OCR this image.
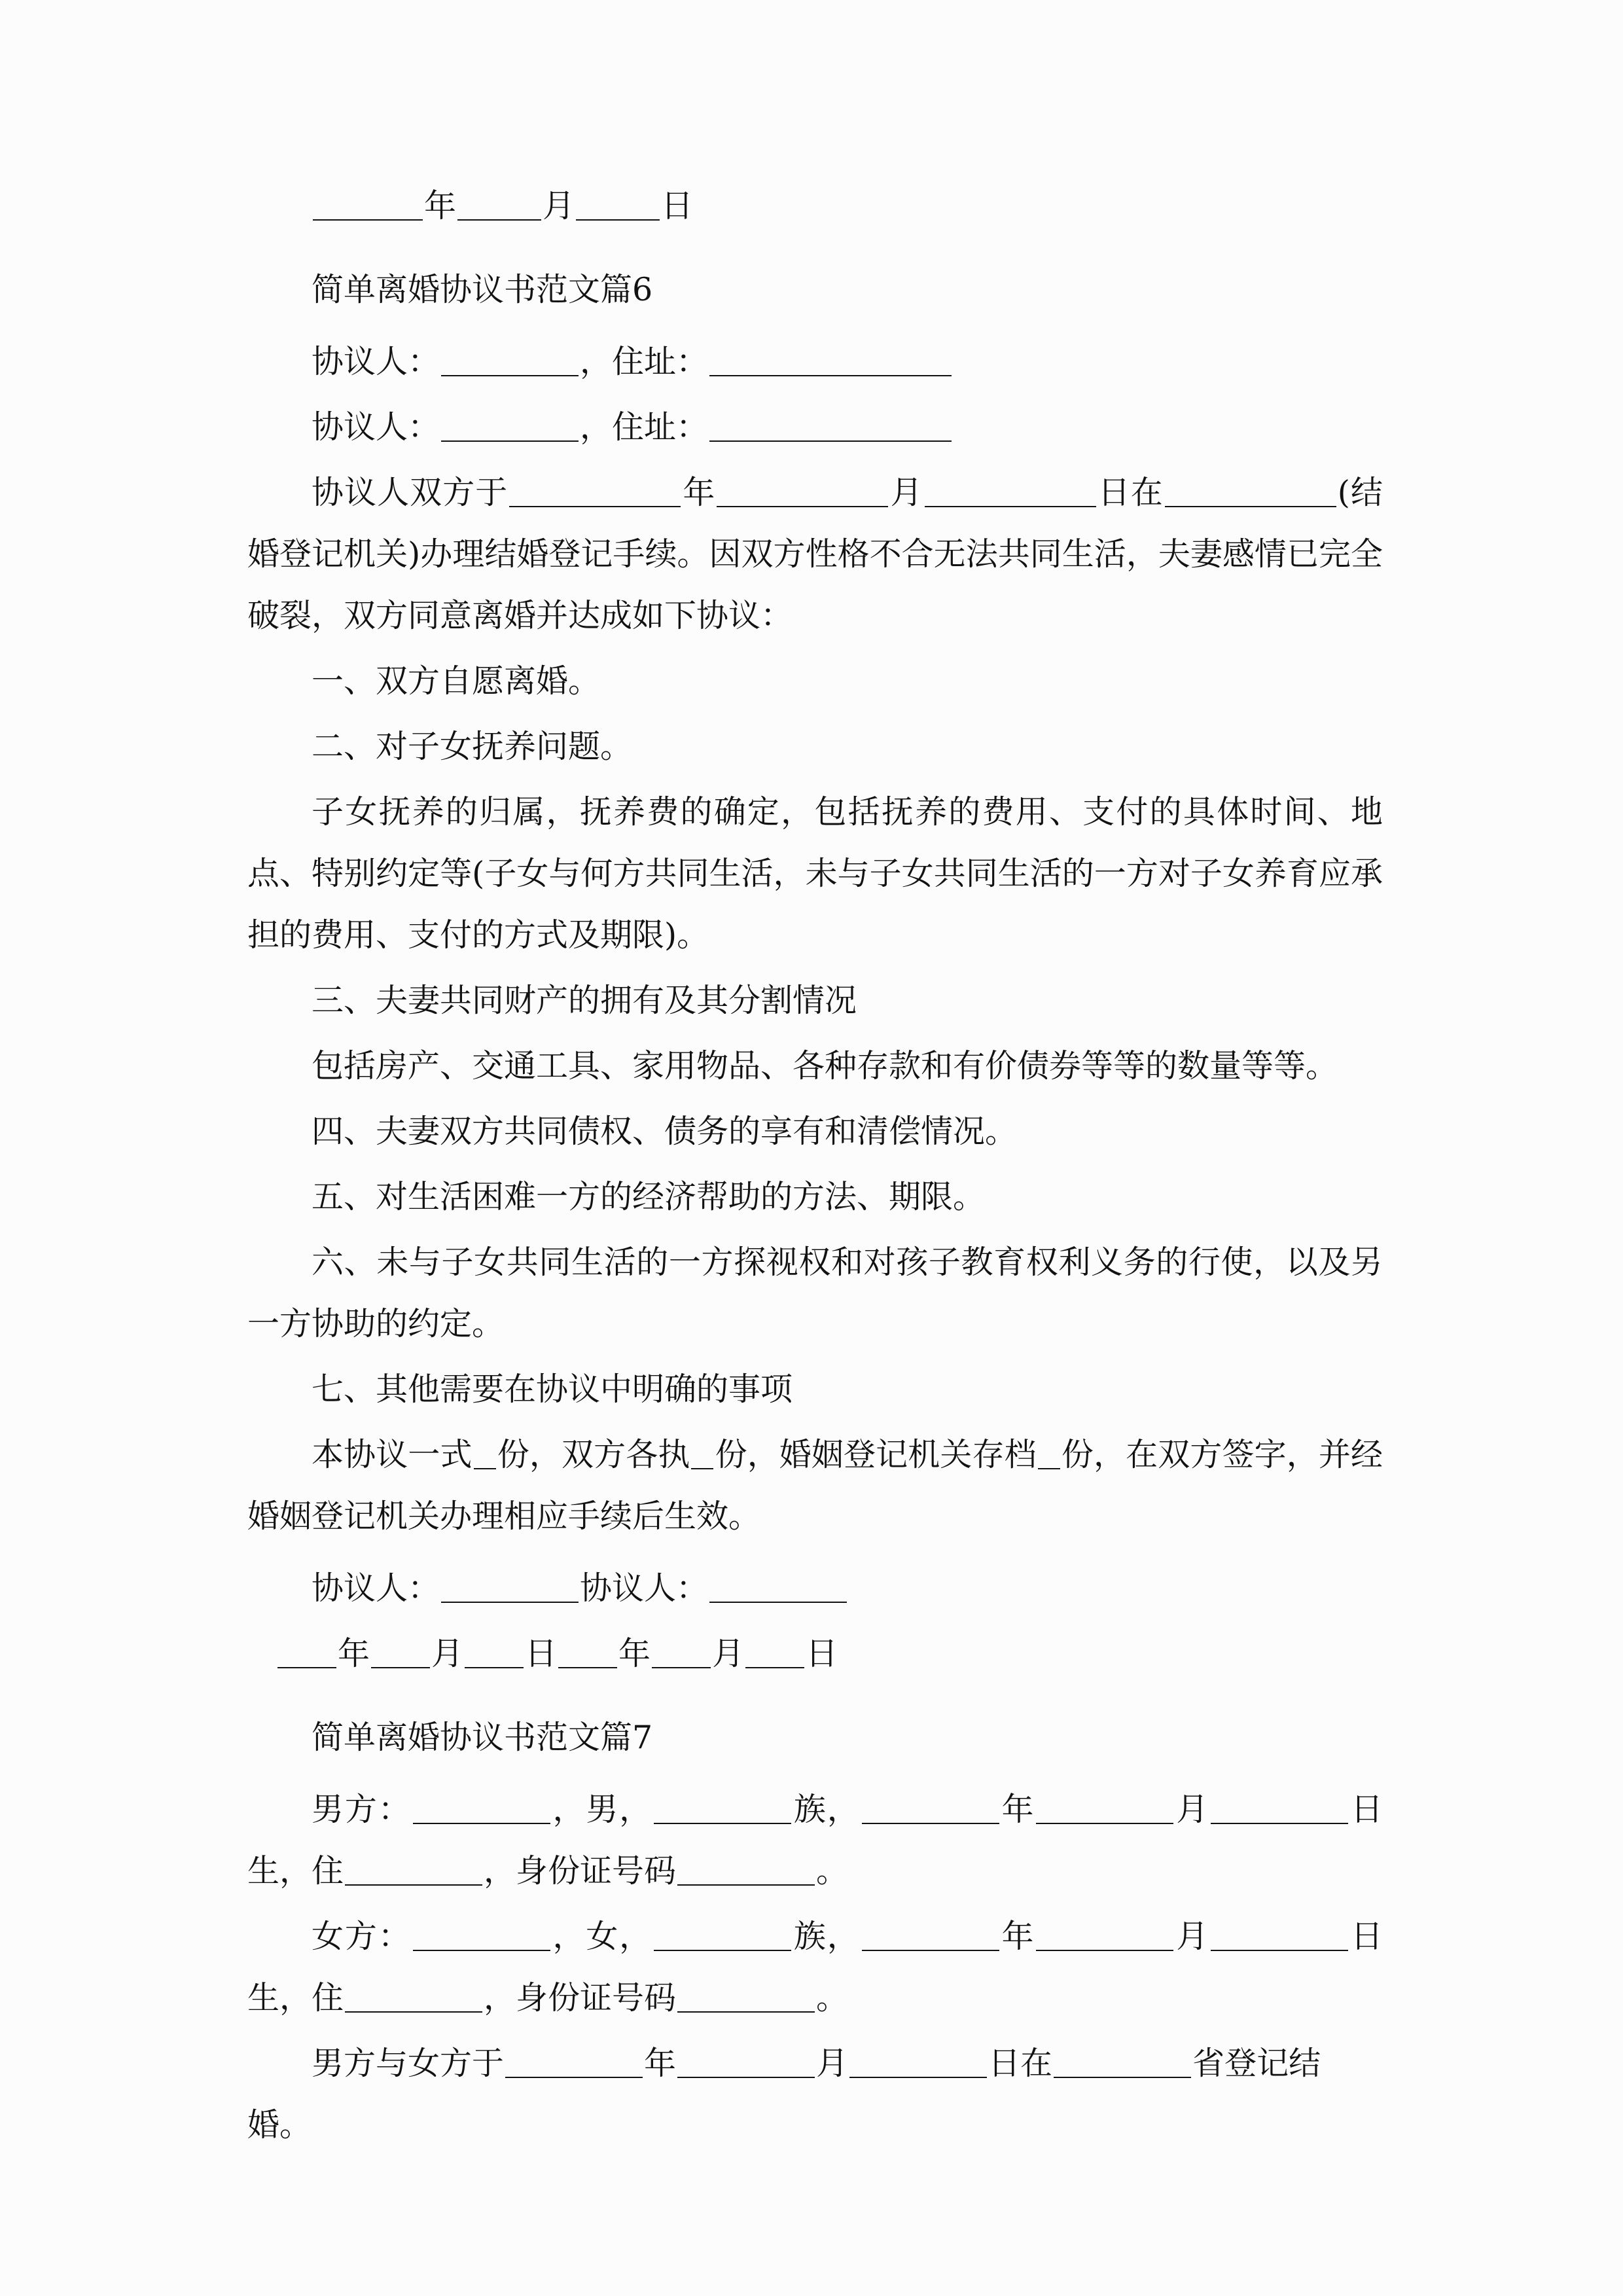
年	月	日

简单离婚协议书范文篇6

协议人：	，住址：

协议人：	，住址：

协议人双方于	年	月	日在	(结婚登记机关)办理结婚登记手续。因双方性格不合无法共同生活，夫妻感情已完全破裂，双方同意离婚并达成如下协议：

一、双方自愿离婚。

二、对子女抚养问题。

子女抚养的归属，抚养费的确定，包括抚养的费用、支付的具体时间、地点、特别约定等(子女与何方共同生活，未与子女共同生活的一方对子女养育应承担的费用、支付的方式及期限)。

三、夫妻共同财产的拥有及其分割情况

包括房产、交通工具、家用物品、各种存款和有价债券等等的数量等等。

四、夫妻双方共同债权、债务的享有和清偿情况。

五、对生活困难一方的经济帮助的方法、期限。

六、未与子女共同生活的一方探视权和对孩子教育权利义务的行使，以及另一方协助的约定。

七、其他需要在协议中明确的事项

本协议一式 份，双方各执 份，婚姻登记机关存档 份，在双方签字，并经婚姻登记机关办理相应手续后生效。

协议人：	协议人：

年 月 日 年 月 日

简单离婚协议书范文篇7

男方：	，男，	族，	年	月	日生，住	，身份证号码	。

女方：	，女，	族，	年	月	日生，住	，身份证号码	。

男方与女方于	年	月	日在	省登记结婚。
